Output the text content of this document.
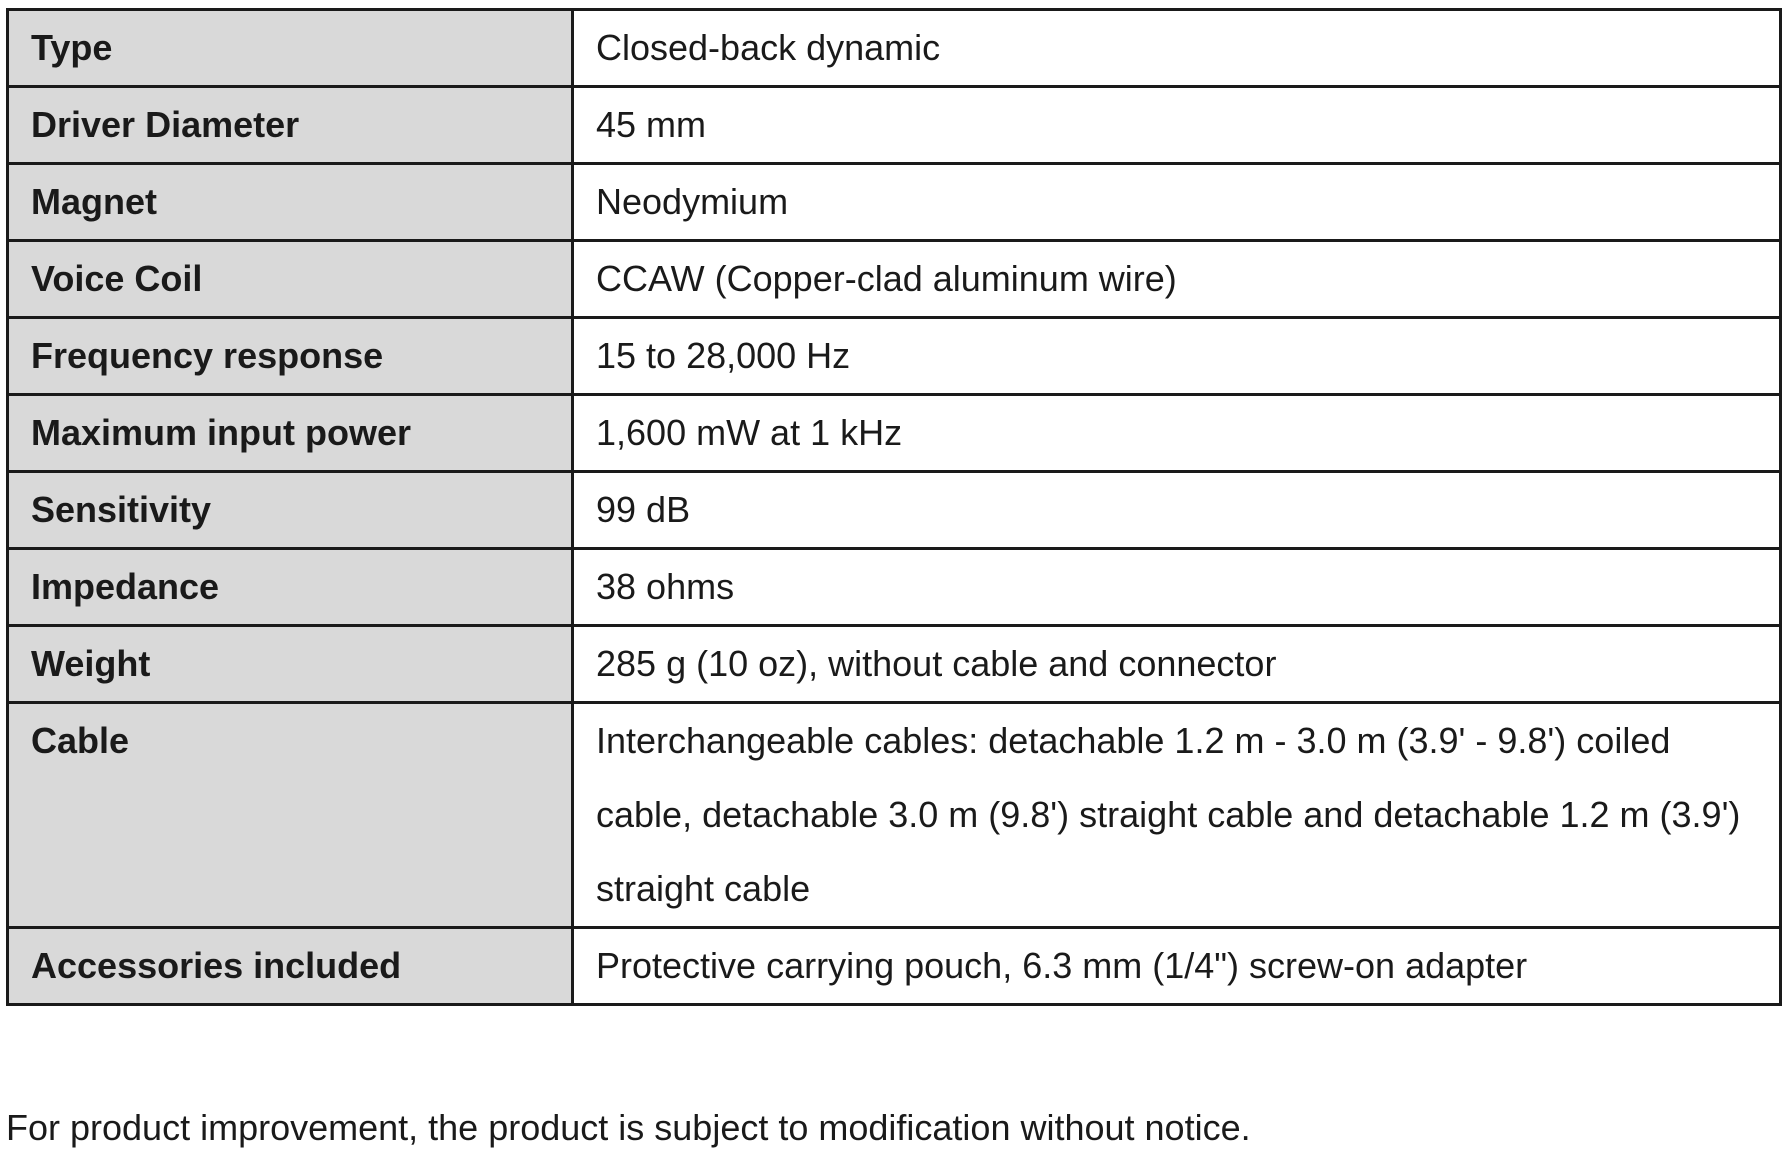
Type	Closed-back dynamic
Driver Diameter	45 mm
Magnet	Neodymium
Voice Coil	CCAW (Copper-clad aluminum wire)
Frequency response	15 to 28,000 Hz
Maximum input power	1,600 mW at 1 kHz
Sensitivity	99 dB
Impedance	38 ohms
Weight	285 g (10 oz), without cable and connector
Cable	Interchangeable cables: detachable 1.2 m - 3.0 m (3.9' - 9.8') coiled cable, detachable 3.0 m (9.8') straight cable and detachable 1.2 m (3.9') straight cable
Accessories included	Protective carrying pouch, 6.3 mm (1/4") screw-on adapter
For product improvement, the product is subject to modification without notice.
